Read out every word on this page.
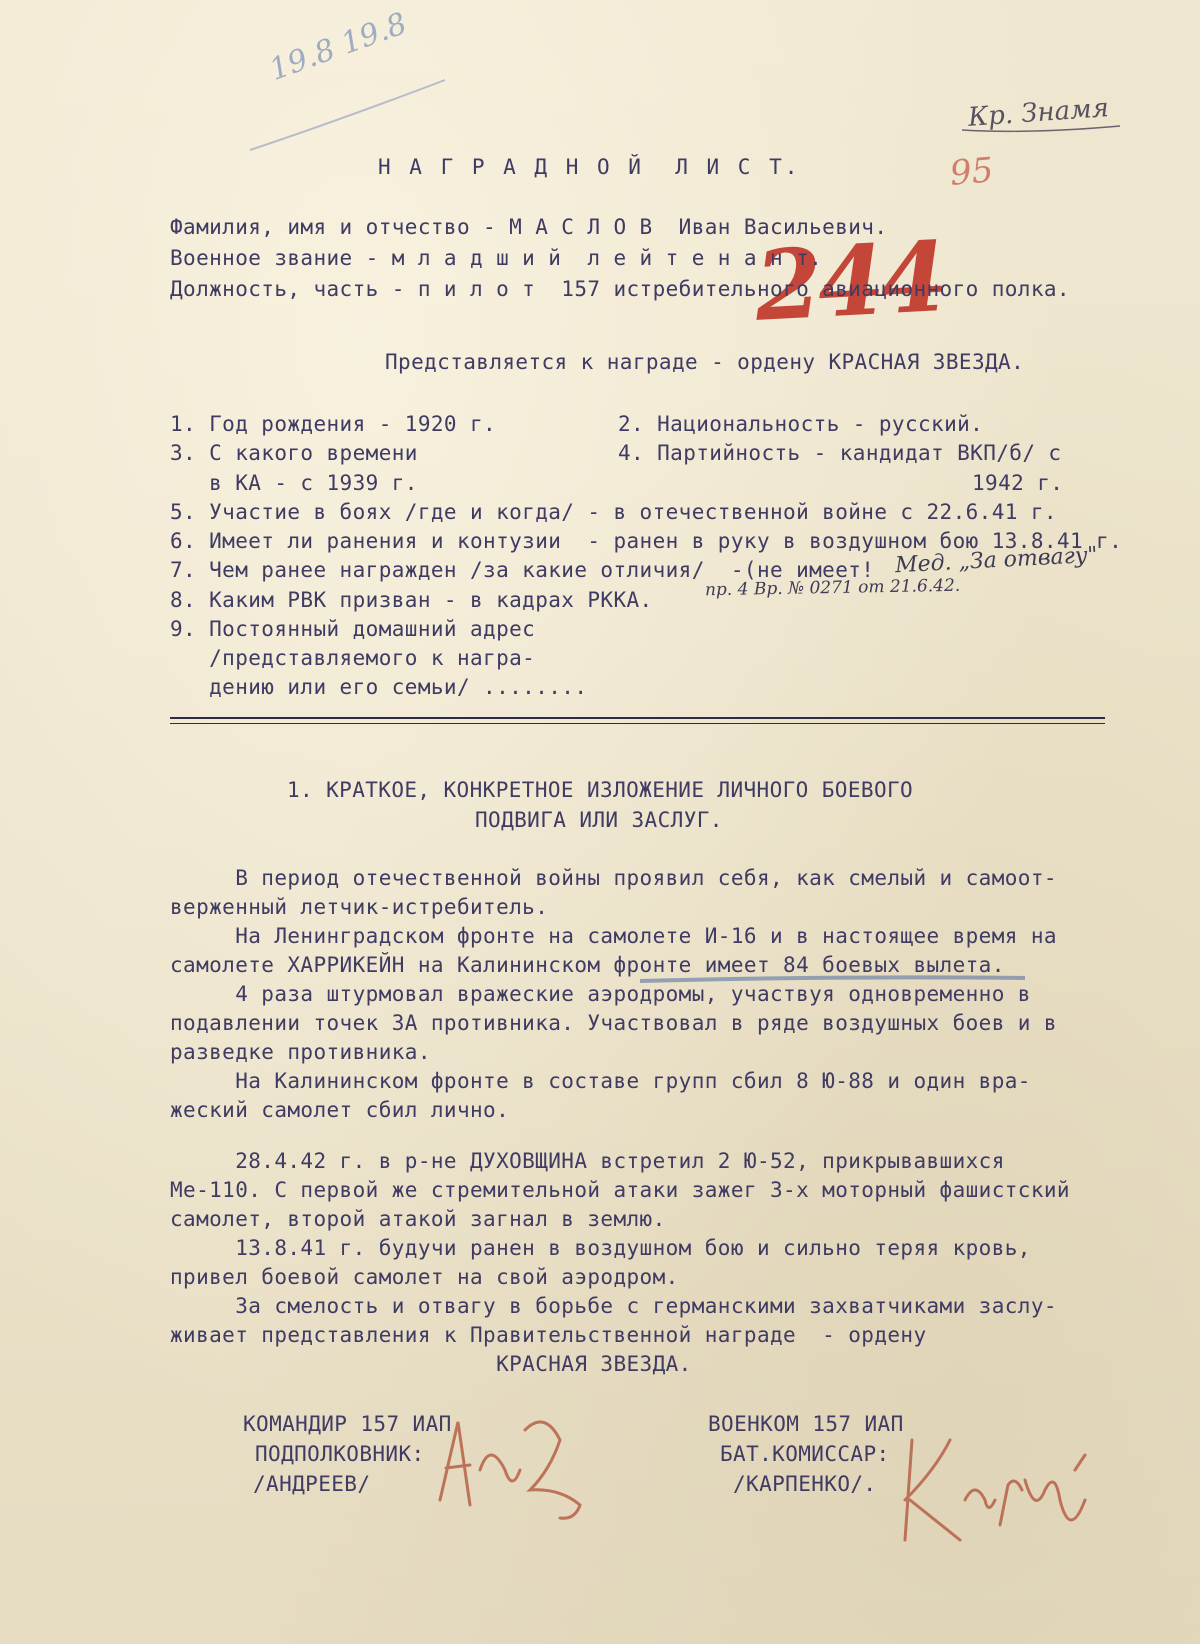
19.8 19.8
Кр. Знамя
95
244
Н А Г Р А Д Н О Й  Л И С Т.
Фамилия, имя и отчество - М А С Л О В  Иван Васильевич.
Военное звание - м л а д ш и й  л е й т е н а н т.
Должность, часть - п и л о т  157 истребительного авиационного полка.
Представляется к награде - ордену КРАСНАЯ ЗВЕЗДА.
1. Год рождения - 1920 г.	2. Национальность - русский.
3. С какого времени
в КА - с 1939 г.
4. Партийность - кандидат ВКП/б/ с
1942 г.
5. Участие в боях /где и когда/ - в отечественной войне с 22.6.41 г.
6. Имеет ли ранения и контузии  - ранен в руку в воздушном бою 13.8.41 г.
7. Чем ранее награжден /за какие отличия/  -(не имеет! Мед. „За отвагу"
пр. 4 Вр. № 0271 от 21.6.42.
8. Каким РВК призван - в кадрах РККА.
9. Постоянный домашний адрес
/представляемого к награ-
дению или его семьи/ ........
1. КРАТКОЕ, КОНКРЕТНОЕ ИЗЛОЖЕНИЕ ЛИЧНОГО БОЕВОГО
ПОДВИГА ИЛИ ЗАСЛУГ.
В период отечественной войны проявил себя, как смелый и самоот-
верженный летчик-истребитель.
На Ленинградском фронте на самолете И-16 и в настоящее время на
самолете ХАРРИКЕЙН на Калининском фронте имеет 84 боевых вылета.
4 раза штурмовал вражеские аэродромы, участвуя одновременно в
подавлении точек ЗА противника. Участвовал в ряде воздушных боев и в
разведке противника.
На Калининском фронте в составе групп сбил 8 Ю-88 и один вра-
жеский самолет сбил лично.
28.4.42 г. в р-не ДУХОВЩИНА встретил 2 Ю-52, прикрывавшихся
Ме-110. С первой же стремительной атаки зажег 3-х моторный фашистский
самолет, второй атакой загнал в землю.
13.8.41 г. будучи ранен в воздушном бою и сильно теряя кровь,
привел боевой самолет на свой аэродром.
За смелость и отвагу в борьбе с германскими захватчиками заслу-
живает представления к Правительственной награде  - ордену
КРАСНАЯ ЗВЕЗДА.
КОМАНДИР 157 ИАП
ПОДПОЛКОВНИК:
/АНДРЕЕВ/
ВОЕНКОМ 157 ИАП
БАТ.КОМИССАР:
/КАРПЕНКО/.
